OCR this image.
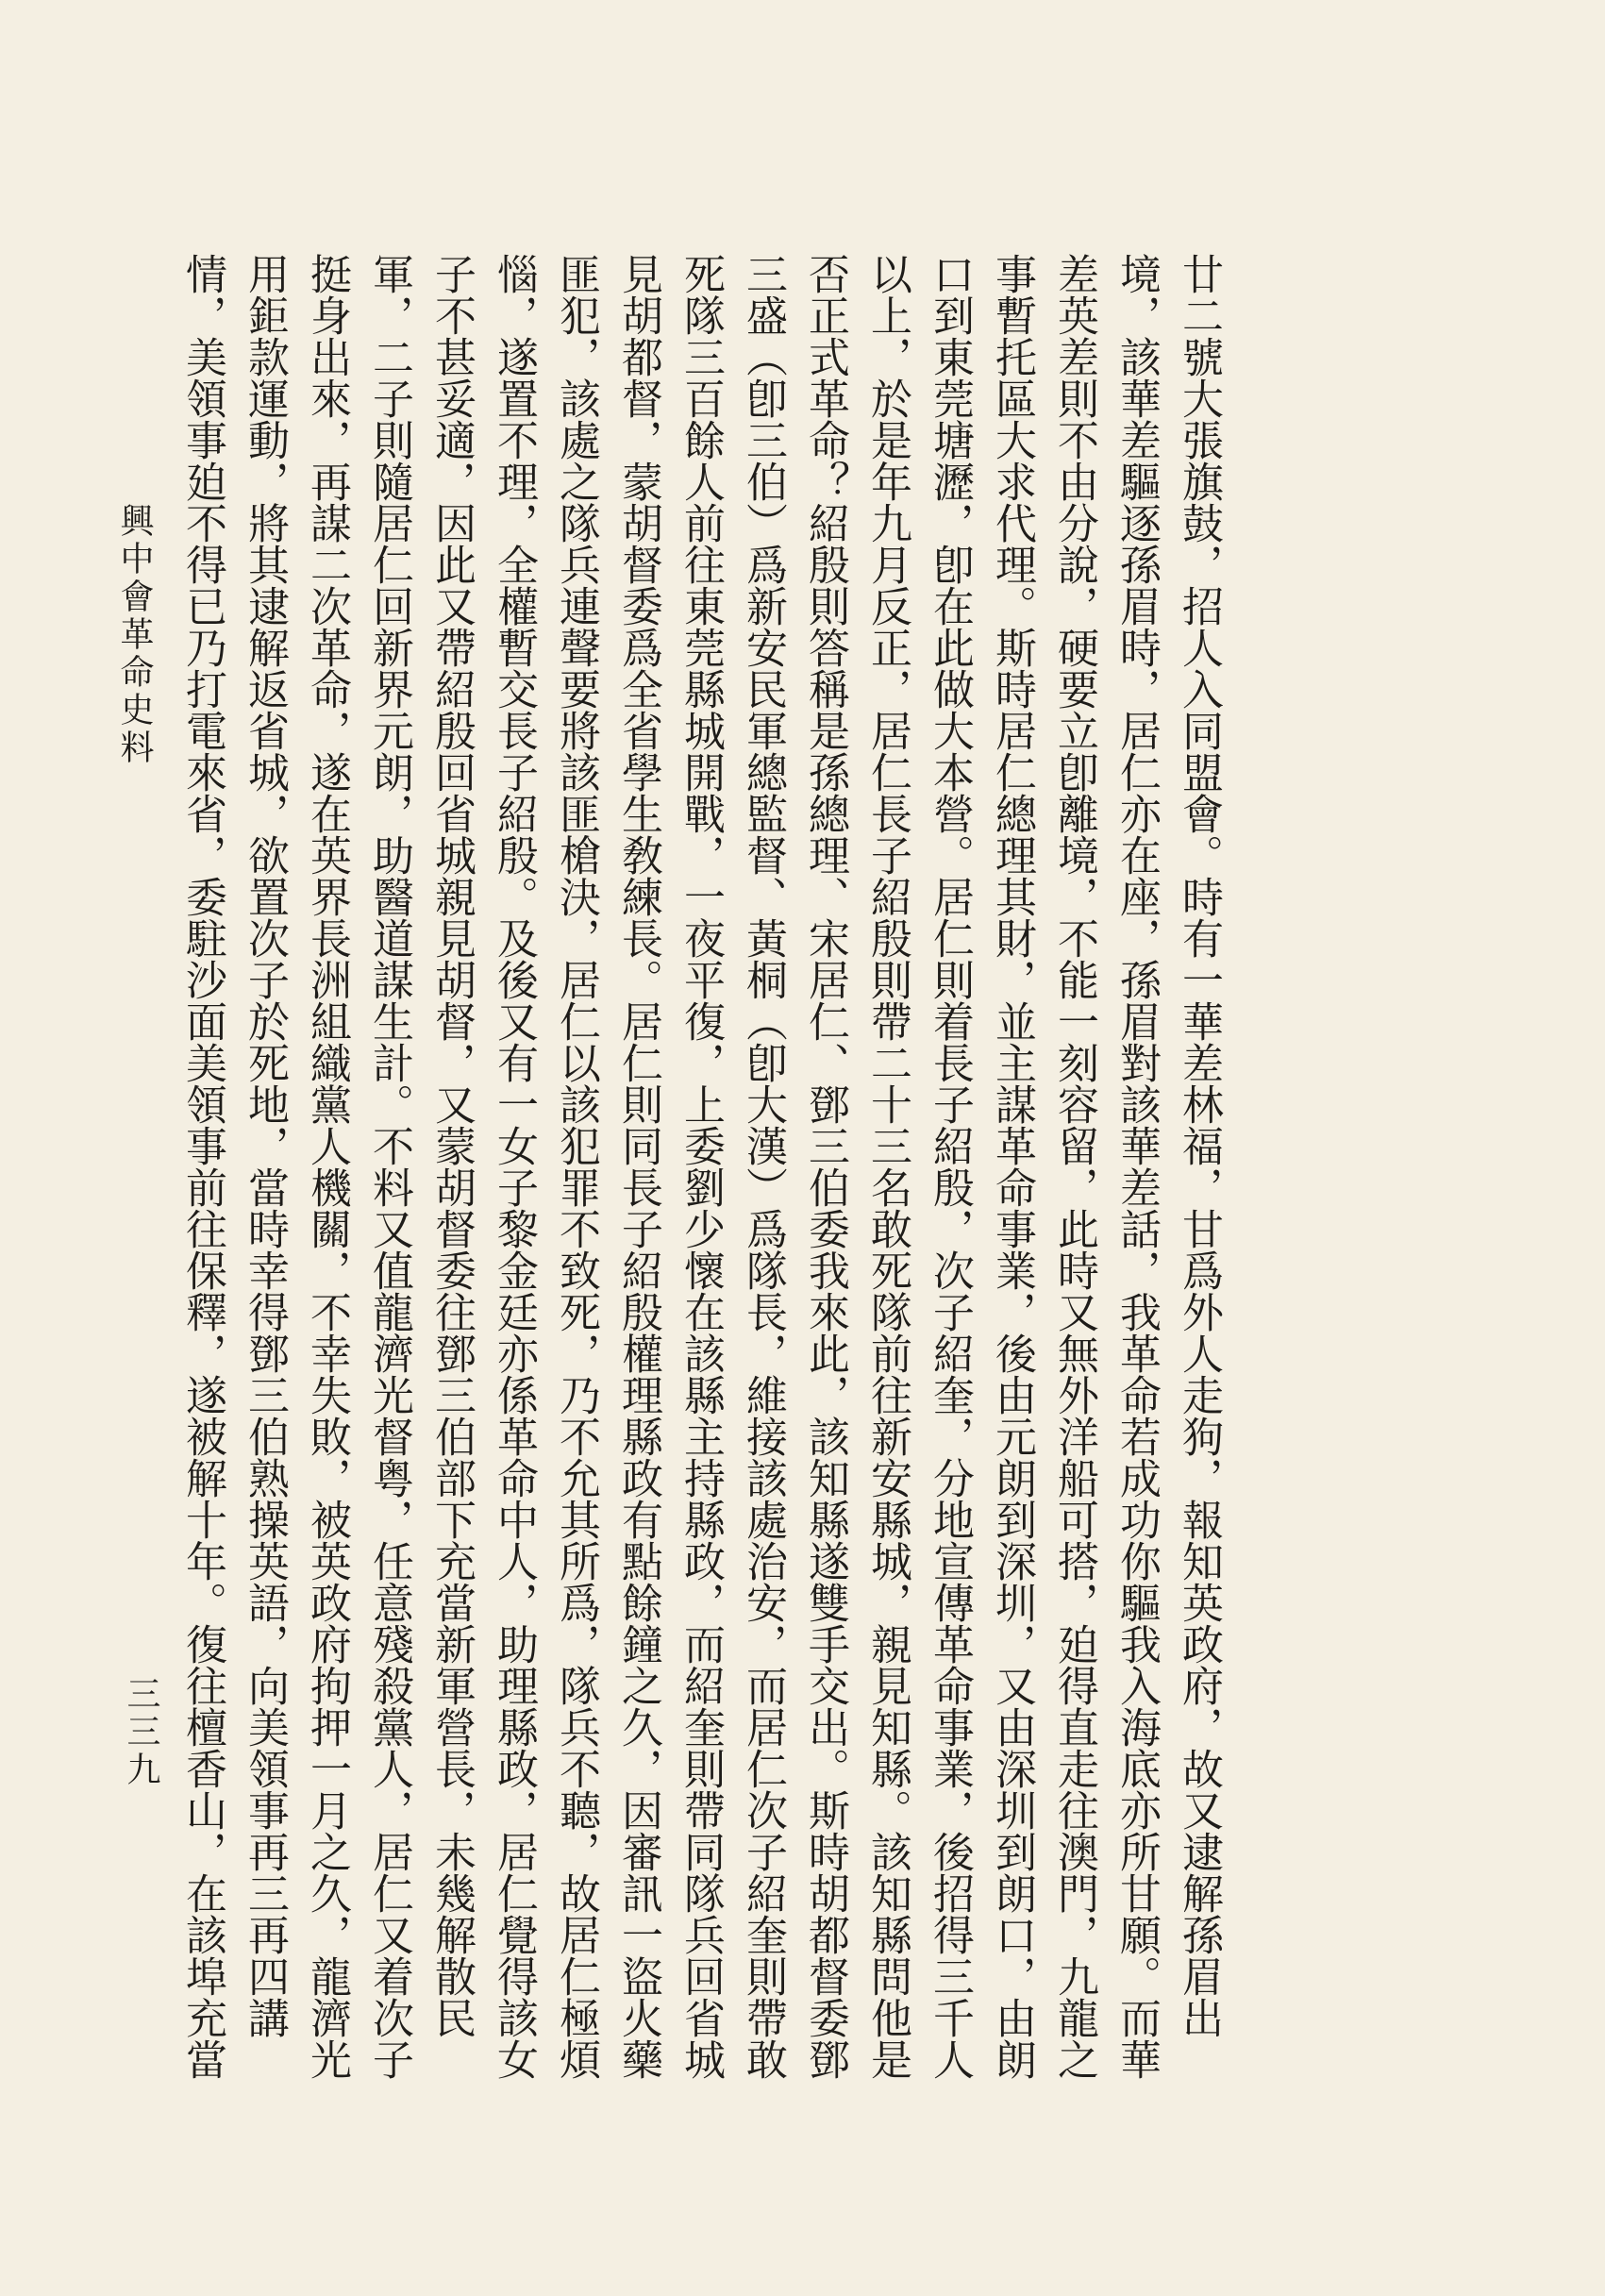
廿二號大張旗鼓，招人入同盟會。時有一華差林福，甘爲外人走狗，報知英政府，故又逮解孫眉出

境，該華差驅逐孫眉時，居仁亦在座，孫眉對該華差話，我革命若成功你驅我入海底亦所甘願。而華

差英差則不由分說，硬要立卽離境，不能一刻容留，此時又無外洋船可搭，廹得直走往澳門，九龍之

事暫托區大求代理。斯時居仁總理其財，並主謀革命事業，後由元朗到深圳，又由深圳到朗口，由朗

口到東莞塘瀝，卽在此做大本營。居仁則着長子紹殷，次子紹奎，分地宣傳革命事業，後招得三千人

以上，於是年九月反正，居仁長子紹殷則帶二十三名敢死隊前往新安縣城，親見知縣。該知縣問他是

否正式革命？紹殷則答稱是孫總理、宋居仁、鄧三伯委我來此，該知縣遂雙手交出。斯時胡都督委鄧

三盛（卽三伯）爲新安民軍總監督、黃桐（卽大漢）爲隊長，維接該處治安，而居仁次子紹奎則帶敢

死隊三百餘人前往東莞縣城開戰，一夜平復，上委劉少懷在該縣主持縣政，而紹奎則帶同隊兵回省城

見胡都督，蒙胡督委爲全省學生敎練長。居仁則同長子紹殷權理縣政有點餘鐘之久，因審訊一盜火藥

匪犯，該處之隊兵連聲要將該匪槍決，居仁以該犯罪不致死，乃不允其所爲，隊兵不聽，故居仁極煩

惱，遂置不理，全權暫交長子紹殷。及後又有一女子黎金廷亦係革命中人，助理縣政，居仁覺得該女

子不甚妥適，因此又帶紹殷回省城親見胡督，又蒙胡督委往鄧三伯部下充當新軍營長，未幾解散民

軍，二子則隨居仁回新界元朗，助醫道謀生計。不料又值龍濟光督粤，任意殘殺黨人，居仁又着次子

挺身出來，再謀二次革命，遂在英界長洲組織黨人機關，不幸失敗，被英政府拘押一月之久，龍濟光

用鉅款運動，將其逮解返省城，欲置次子於死地，當時幸得鄧三伯熟操英語，向美領事再三再四講

情，美領事廹不得已乃打電來省，委駐沙面美領事前往保釋，遂被解十年。復往檀香山，在該埠充當

興中會革命史料
三三九
